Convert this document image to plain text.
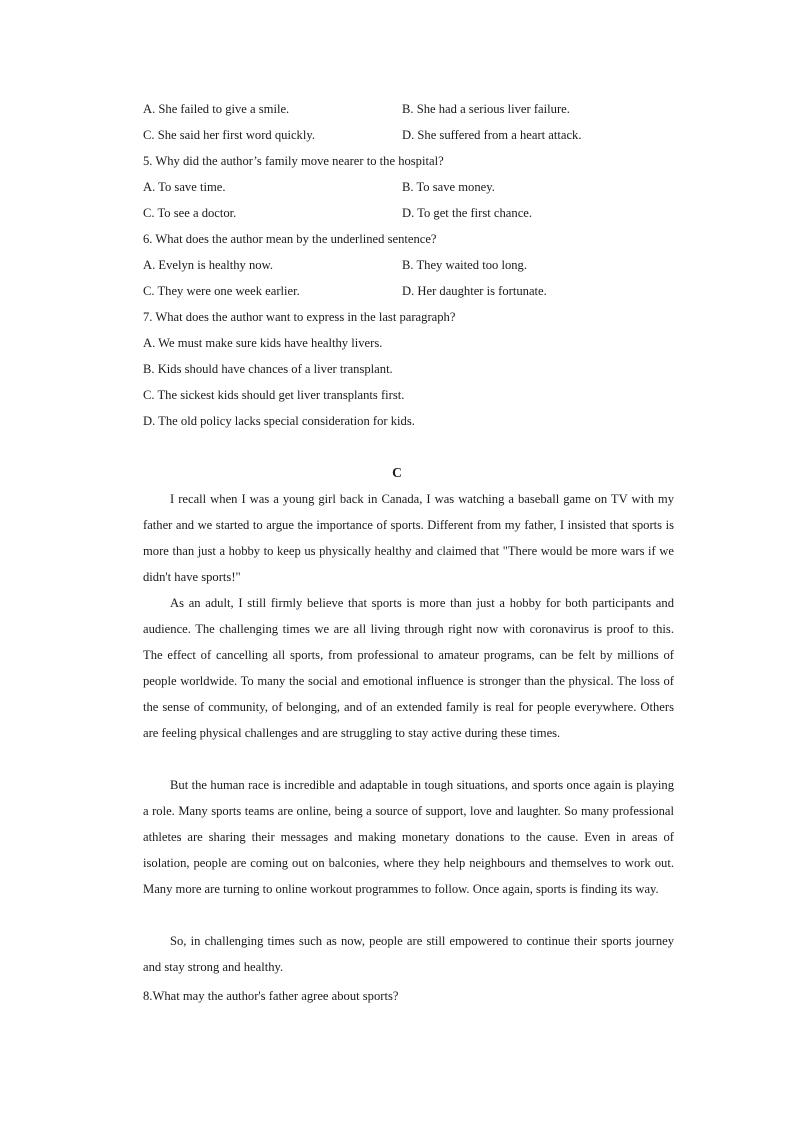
A. She failed to give a smile.	B. She had a serious liver failure.
C. She said her first word quickly.	D. She suffered from a heart attack.
5. Why did the author’s family move nearer to the hospital?
A. To save time.	B. To save money.
C. To see a doctor.	D. To get the first chance.
6. What does the author mean by the underlined sentence?
A. Evelyn is healthy now.	B. They waited too long.
C. They were one week earlier.	D. Her daughter is fortunate.
7. What does the author want to express in the last paragraph?
A. We must make sure kids have healthy livers.
B. Kids should have chances of a liver transplant.
C. The sickest kids should get liver transplants first.
D. The old policy lacks special consideration for kids.
C

I recall when I was a young girl back in Canada, I was watching a baseball game on TV with my father and we started to argue the importance of sports. Different from my father, I insisted that sports is more than just a hobby to keep us physically healthy and claimed that "There would be more wars if we didn't have sports!"

As an adult, I still firmly believe that sports is more than just a hobby for both participants and audience. The challenging times we are all living through right now with coronavirus is proof to this. The effect of cancelling all sports, from professional to amateur programs, can be felt by millions of people worldwide. To many the social and emotional influence is stronger than the physical. The loss of the sense of community, of belonging, and of an extended family is real for people everywhere. Others are feeling physical challenges and are struggling to stay active during these times.

But the human race is incredible and adaptable in tough situations, and sports once again is playing a role. Many sports teams are online, being a source of support, love and laughter. So many professional athletes are sharing their messages and making monetary donations to the cause. Even in areas of isolation, people are coming out on balconies, where they help neighbours and themselves to work out. Many more are turning to online workout programmes to follow. Once again, sports is finding its way.

So, in challenging times such as now, people are still empowered to continue their sports journey and stay strong and healthy.

8.What may the author's father agree about sports?
